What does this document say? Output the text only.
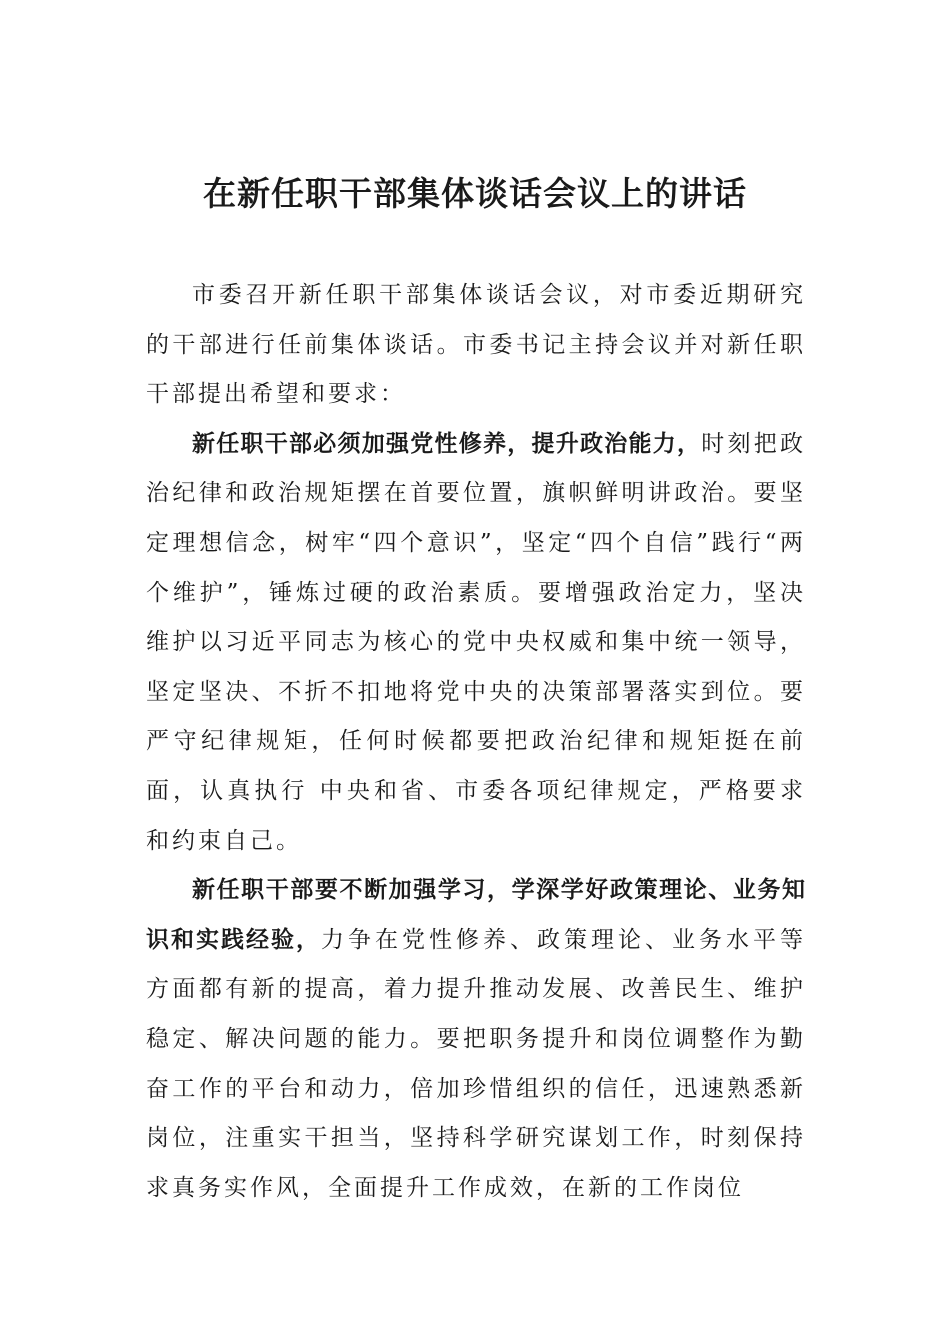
在新任职干部集体谈话会议上的讲话

市委召开新任职干部集体谈话会议，对市委近期研究的干部进行任前集体谈话。市委书记主持会议并对新任职干部提出希望和要求：

新任职干部必须加强党性修养，提升政治能力，时刻把政治纪律和政治规矩摆在首要位置，旗帜鲜明讲政治。要坚定理想信念，树牢“四个意识”，坚定“四个自信”践行“两个维护”，锤炼过硬的政治素质。要增强政治定力，坚决维护以习近平同志为核心的党中央权威和集中统一领导，坚定坚决、不折不扣地将党中央的决策部署落实到位。要严守纪律规矩，任何时候都要把政治纪律和规矩挺在前面，认真执行 中央和省、市委各项纪律规定，严格要求和约束自己。

新任职干部要不断加强学习，学深学好政策理论、业务知识和实践经验，力争在党性修养、政策理论、业务水平等方面都有新的提高，着力提升推动发展、改善民生、维护稳定、解决问题的能力。要把职务提升和岗位调整作为勤奋工作的平台和动力，倍加珍惜组织的信任，迅速熟悉新岗位，注重实干担当，坚持科学研究谋划工作，时刻保持求真务实作风，全面提升工作成效，在新的工作岗位
